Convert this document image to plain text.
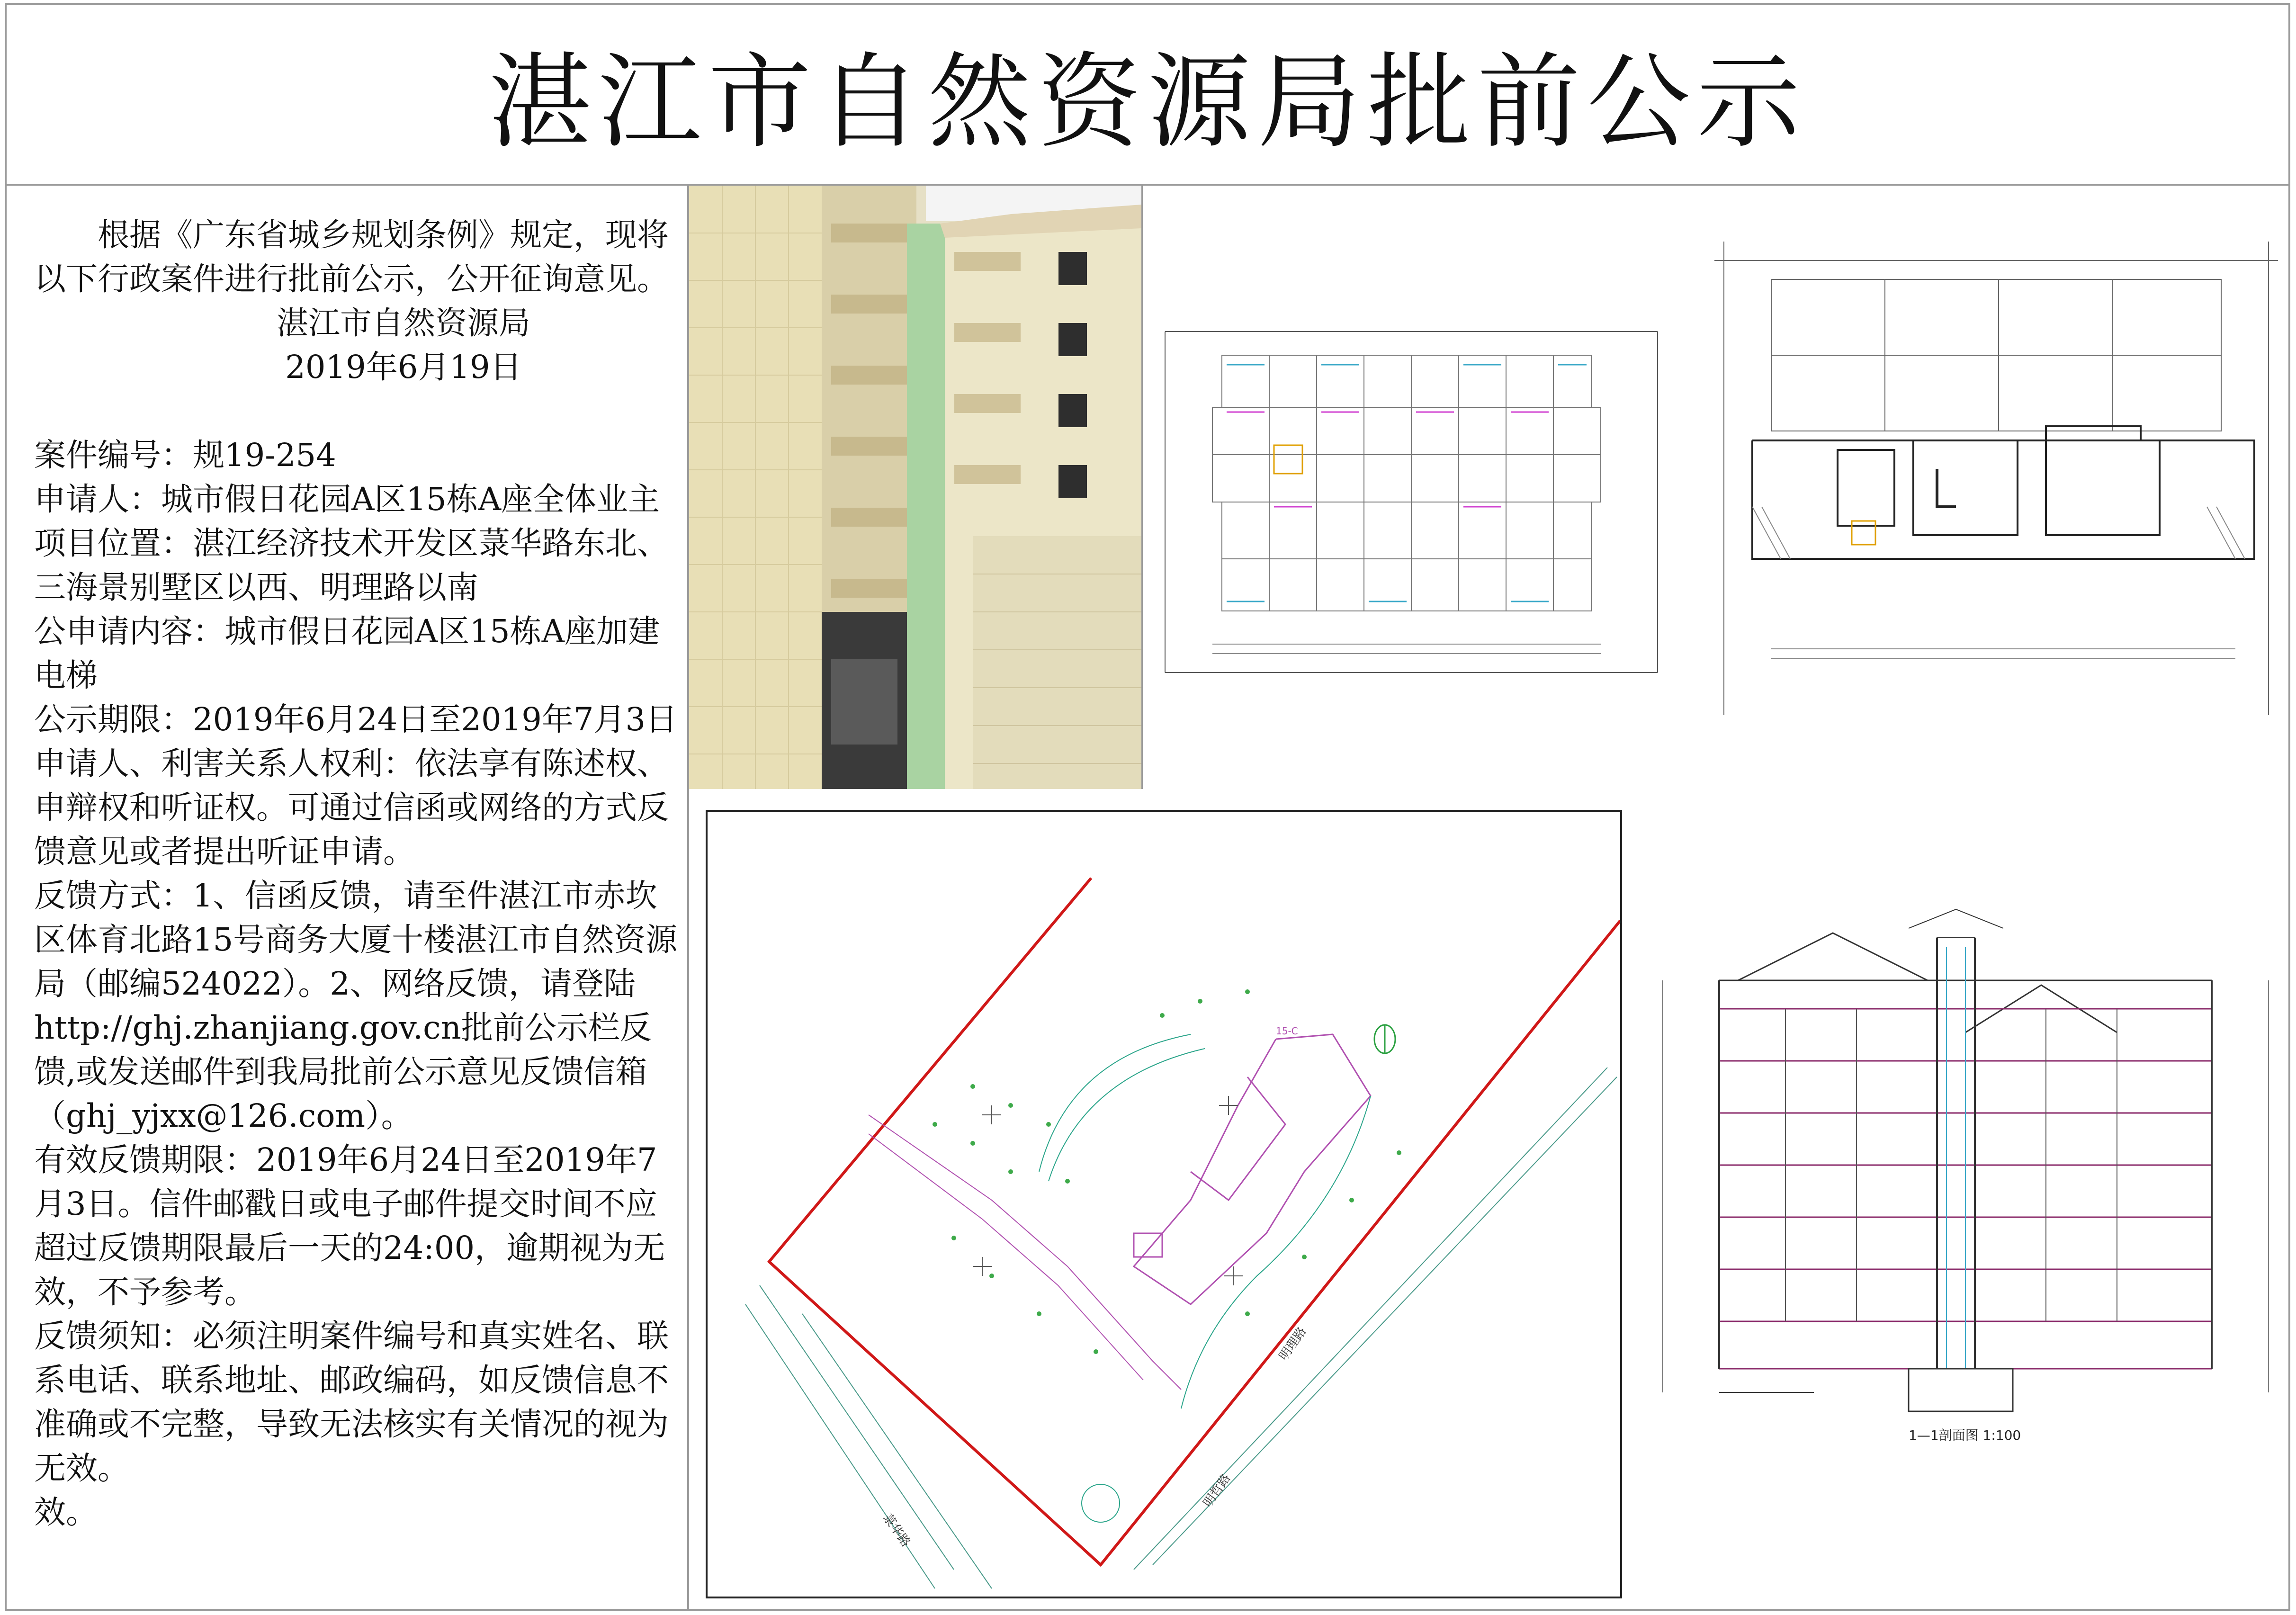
湛江市自然资源局批前公示

根据《广东省城乡规划条例》规定，现将以下行政案件进行批前公示，公开征询意见。

湛江市自然资源局

2019年6月19日

案件编号：规19-254

申请人：城市假日花园A区15栋A座全体业主

项目位置：湛江经济技术开发区菉华路东北、三海景别墅区以西、明理路以南

公申请内容：城市假日花园A区15栋A座加建电梯

公示期限：2019年6月24日至2019年7月3日

申请人、利害关系人权利：依法享有陈述权、申辩权和听证权。可通过信函或网络的方式反馈意见或者提出听证申请。

反馈方式：1、信函反馈，请至件湛江市赤坎区体育北路15号商务大厦十楼湛江市自然资源局（邮编524022）。2、网络反馈，请登陆http://ghj.zhanjiang.gov.cn批前公示栏反馈,或发送邮件到我局批前公示意见反馈信箱（ghj_yjxx@126.com）。

有效反馈期限：2019年6月24日至2019年7月3日。信件邮戳日或电子邮件提交时间不应超过反馈期限最后一天的24:00，逾期视为无效，不予参考。

反馈须知：必须注明案件编号和真实姓名、联系电话、联系地址、邮政编码，如反馈信息不准确或不完整，导致无法核实有关情况的视为无效。

效。

明理路
明哲路
菉华路
15-C
1—1剖面图 1:100
